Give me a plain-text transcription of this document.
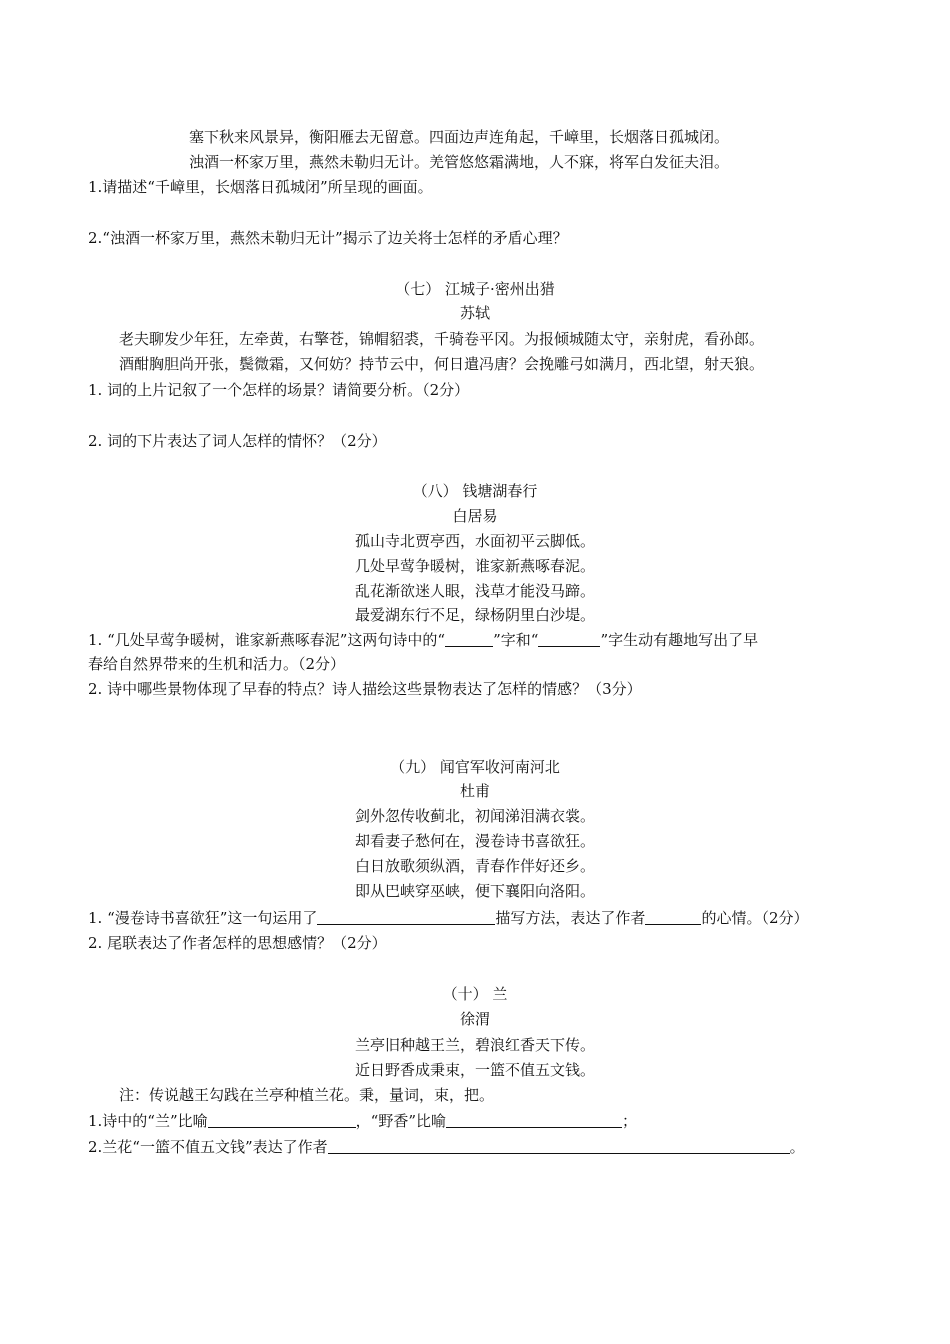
塞下秋来风景异，衡阳雁去无留意。四面边声连角起，千嶂里，长烟落日孤城闭。
浊酒一杯家万里，燕然未勒归无计。羌管悠悠霜满地，人不寐，将军白发征夫泪。
1.请描述“千嶂里，长烟落日孤城闭”所呈现的画面。
2.“浊酒一杯家万里，燕然未勒归无计”揭示了边关将士怎样的矛盾心理？
（七） 江城子·密州出猎
苏轼
老夫聊发少年狂，左牵黄，右擎苍，锦帽貂裘，千骑卷平冈。为报倾城随太守，亲射虎，看孙郎。
酒酣胸胆尚开张，鬓微霜，又何妨？持节云中，何日遣冯唐？会挽雕弓如满月，西北望，射天狼。
1. 词的上片记叙了一个怎样的场景？请简要分析。（2分）
2. 词的下片表达了词人怎样的情怀？（2分）
（八） 钱塘湖春行
白居易
孤山寺北贾亭西，水面初平云脚低。
几处早莺争暖树，谁家新燕啄春泥。
乱花渐欲迷人眼，浅草才能没马蹄。
最爱湖东行不足，绿杨阴里白沙堤。
1. “几处早莺争暖树，谁家新燕啄春泥”这两句诗中的“	”字和“	”字生动有趣地写出了早
春给自然界带来的生机和活力。（2分）
2. 诗中哪些景物体现了早春的特点？诗人描绘这些景物表达了怎样的情感？（3分）
（九） 闻官军收河南河北
杜甫
剑外忽传收蓟北，初闻涕泪满衣裳。
却看妻子愁何在，漫卷诗书喜欲狂。
白日放歌须纵酒，青春作伴好还乡。
即从巴峡穿巫峡，便下襄阳向洛阳。
1. “漫卷诗书喜欲狂”这一句运用了	描写方法，表达了作者	的心情。（2分）
2. 尾联表达了作者怎样的思想感情？（2分）
（十） 兰
徐渭
兰亭旧种越王兰，碧浪红香天下传。
近日野香成秉束，一篮不值五文钱。
注：传说越王勾践在兰亭种植兰花。秉，量词，束，把。
1.诗中的“兰”比喻	，“野香”比喻	；
2.兰花“一篮不值五文钱”表达了作者	。
